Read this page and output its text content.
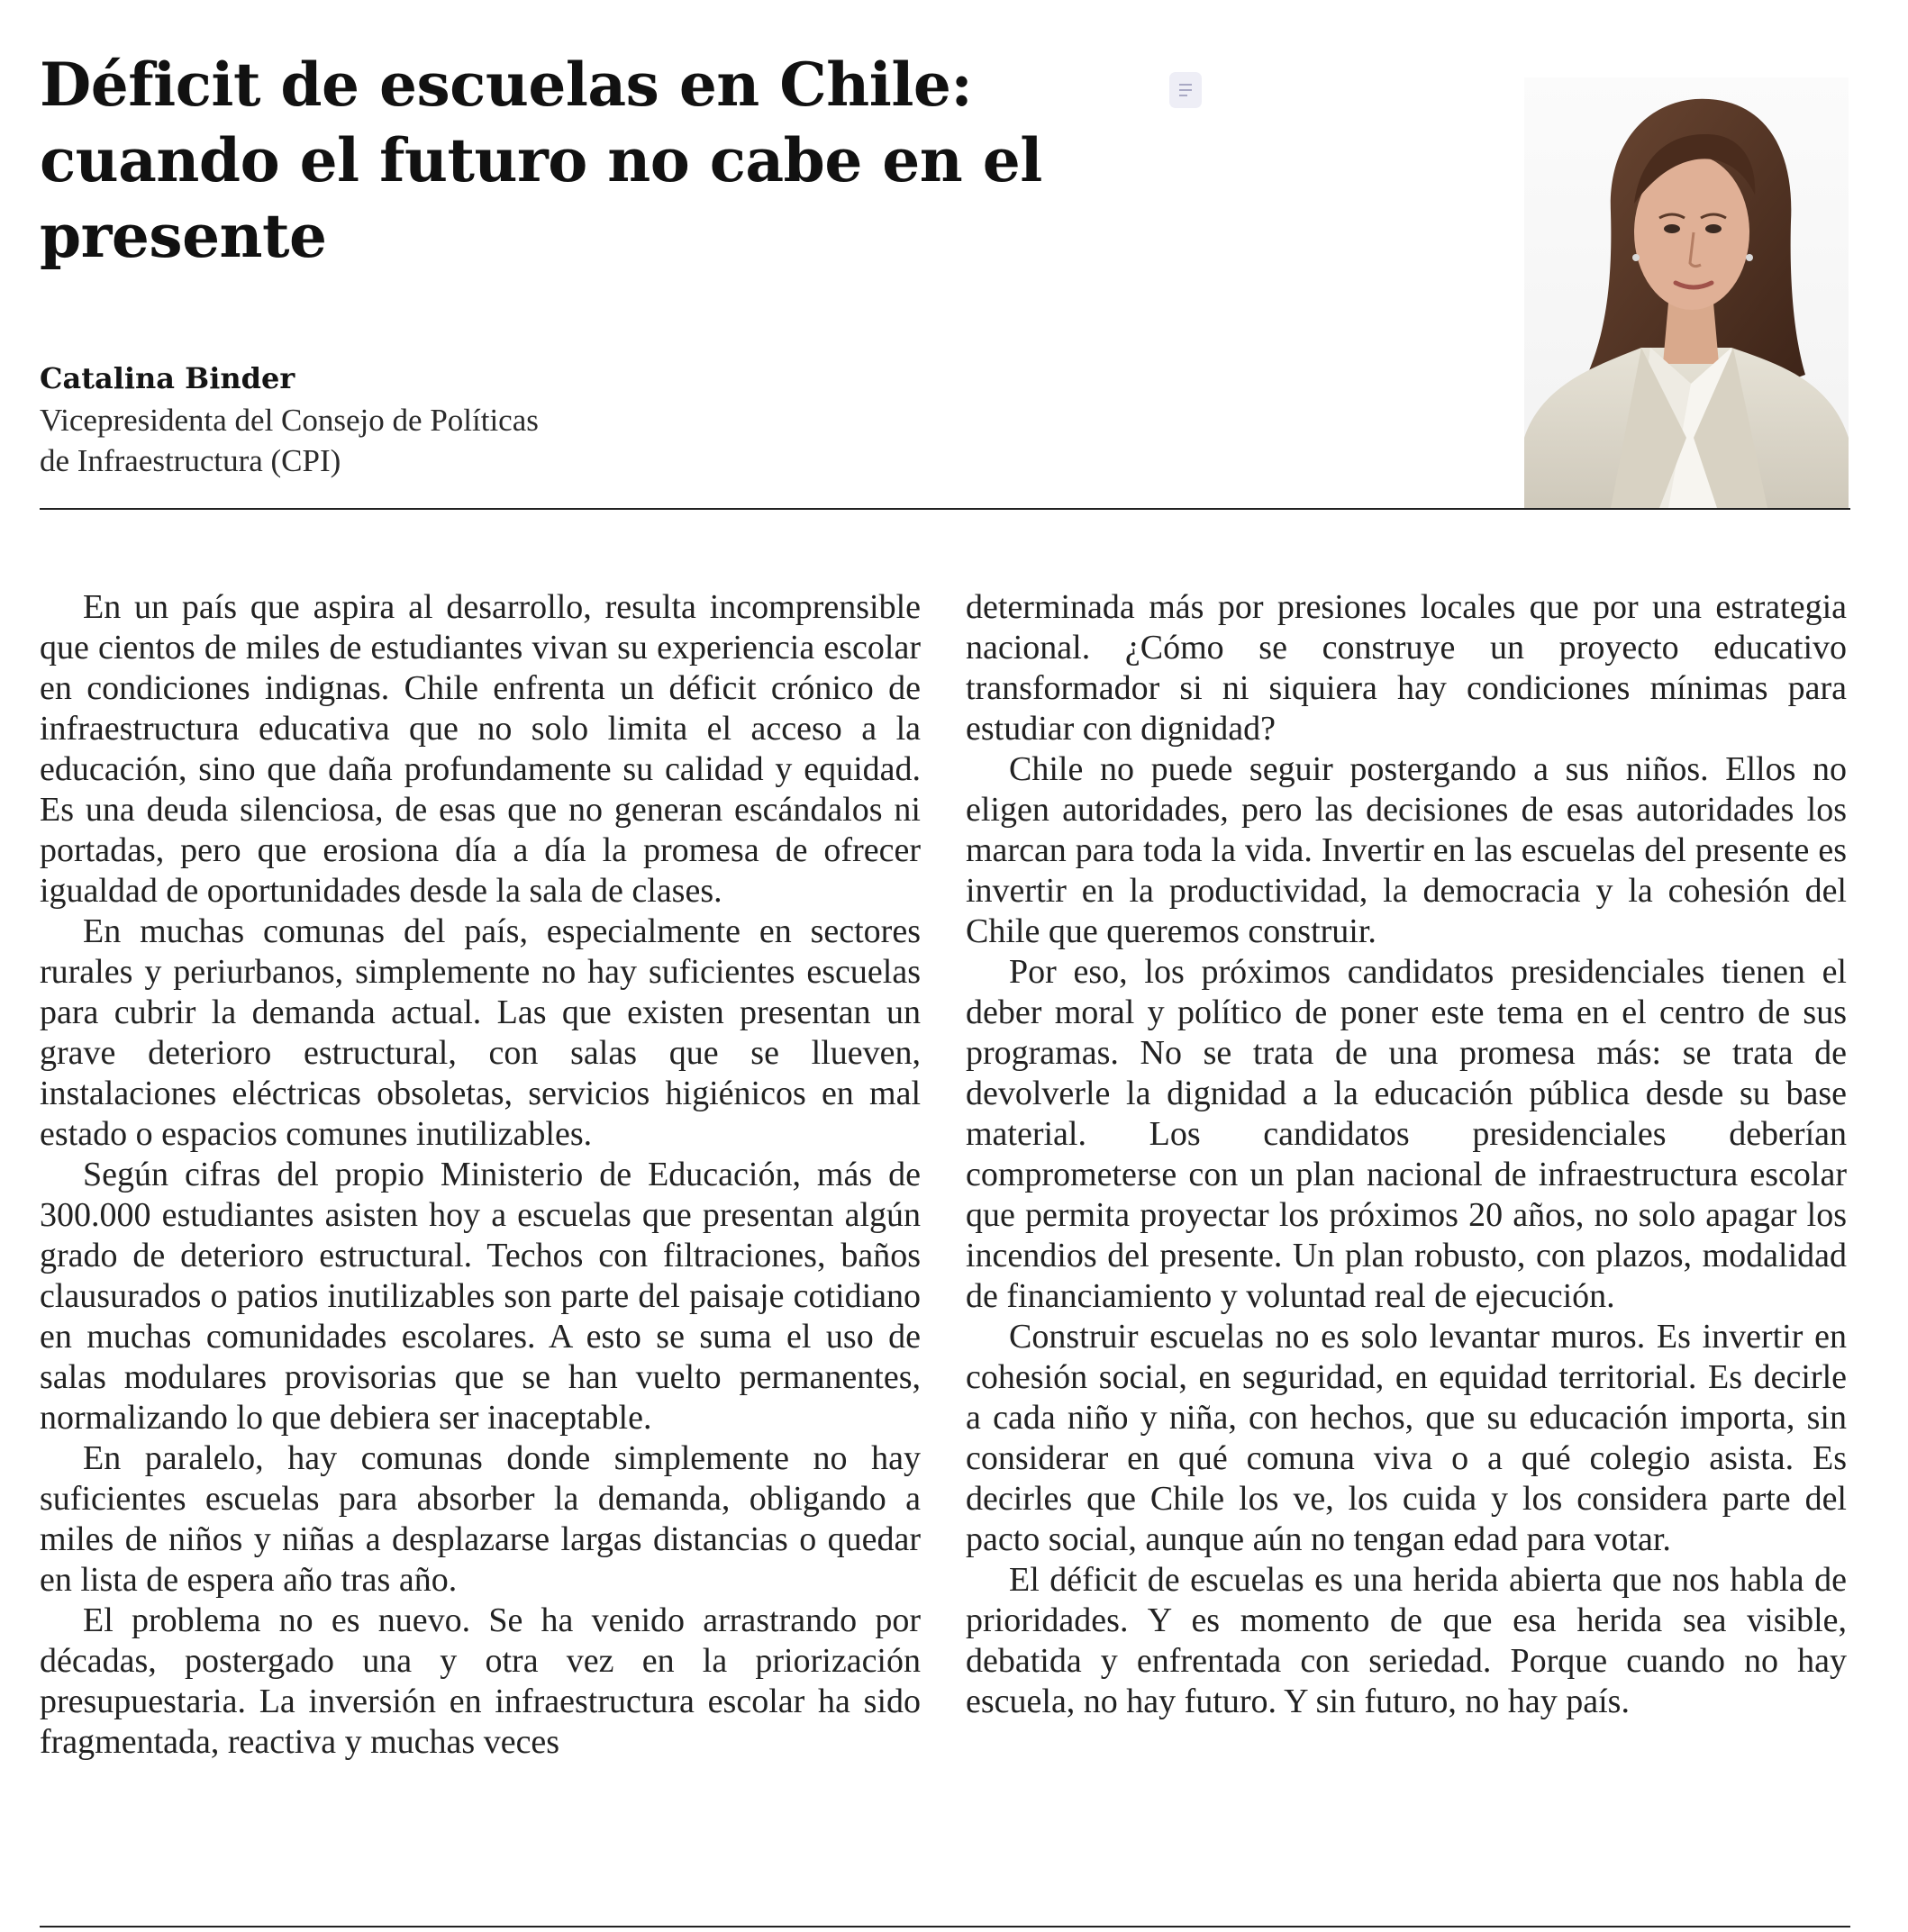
Déficit de escuelas en Chile: cuando el futuro no cabe en el presente
Catalina Binder
Vicepresidenta del Consejo de Políticas
de Infraestructura (CPI)

En un país que aspira al desarrollo, resulta incomprensible que cientos de miles de estudiantes vivan su experiencia escolar en condiciones indignas. Chile enfrenta un déficit crónico de infraestructura educativa que no solo limita el acceso a la educación, sino que daña profundamente su calidad y equidad. Es una deuda silenciosa, de esas que no generan escándalos ni portadas, pero que erosiona día a día la promesa de ofrecer igualdad de oportunidades desde la sala de clases.

En muchas comunas del país, especialmente en sectores rurales y periurbanos, simplemente no hay suficientes escuelas para cubrir la demanda actual. Las que existen presentan un grave deterioro estructural, con salas que se llueven, instalaciones eléctricas obsoletas, servicios higiénicos en mal estado o espacios comunes inutilizables.

Según cifras del propio Ministerio de Educación, más de 300.000 estudiantes asisten hoy a escuelas que presentan algún grado de deterioro estructural. Techos con filtraciones, baños clausurados o patios inutilizables son parte del paisaje cotidiano en muchas comunidades escolares. A esto se suma el uso de salas modulares provisorias que se han vuelto permanentes, normalizando lo que debiera ser inaceptable.

En paralelo, hay comunas donde simplemente no hay suficientes escuelas para absorber la demanda, obligando a miles de niños y niñas a desplazarse largas distancias o quedar en lista de espera año tras año.

El problema no es nuevo. Se ha venido arrastrando por décadas, postergado una y otra vez en la priorización presupuestaria. La inversión en infraestructura escolar ha sido fragmentada, reactiva y muchas veces

determinada más por presiones locales que por una estrategia nacional. ¿Cómo se construye un proyecto educativo transformador si ni siquiera hay condiciones mínimas para estudiar con dignidad?

Chile no puede seguir postergando a sus niños. Ellos no eligen autoridades, pero las decisiones de esas autoridades los marcan para toda la vida. Invertir en las escuelas del presente es invertir en la productividad, la democracia y la cohesión del Chile que queremos construir.

Por eso, los próximos candidatos presidenciales tienen el deber moral y político de poner este tema en el centro de sus programas. No se trata de una promesa más: se trata de devolverle la dignidad a la educación pública desde su base material. Los candidatos presidenciales deberían comprometerse con un plan nacional de infraestructura escolar que permita proyectar los próximos 20 años, no solo apagar los incendios del presente. Un plan robusto, con plazos, modalidad de financiamiento y voluntad real de ejecución.

Construir escuelas no es solo levantar muros. Es invertir en cohesión social, en seguridad, en equidad territorial. Es decirle a cada niño y niña, con hechos, que su educación importa, sin considerar en qué comuna viva o a qué colegio asista. Es decirles que Chile los ve, los cuida y los considera parte del pacto social, aunque aún no tengan edad para votar.

El déficit de escuelas es una herida abierta que nos habla de prioridades. Y es momento de que esa herida sea visible, debatida y enfrentada con seriedad. Porque cuando no hay escuela, no hay futuro. Y sin futuro, no hay país.
